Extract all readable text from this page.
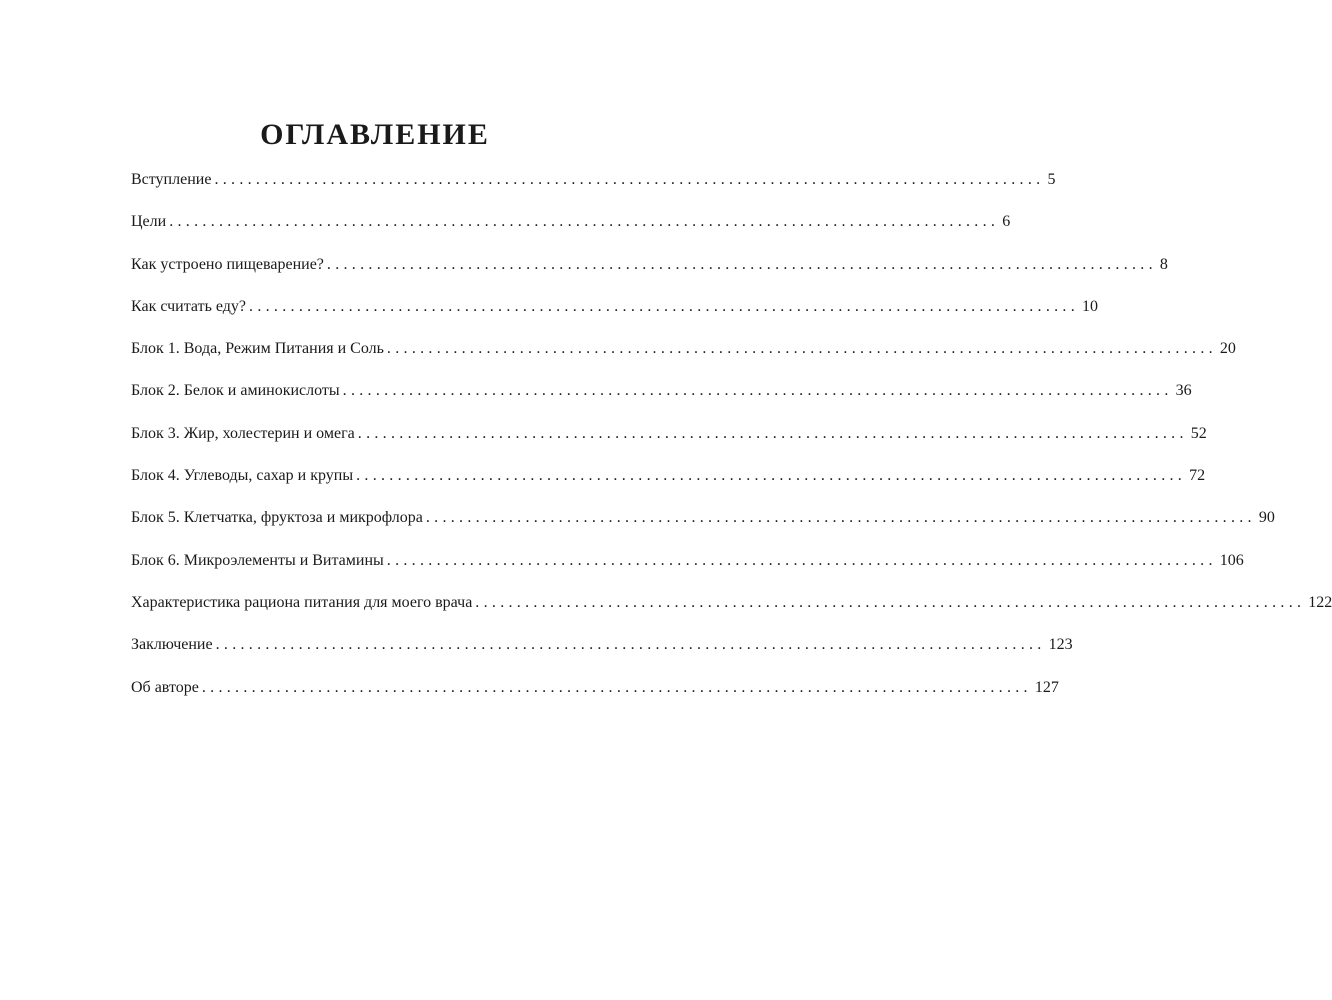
ОГЛАВЛЕНИЕ
Вступление .................................................................................................... 5
Цели .................................................................................................... 6
Как устроено пищеварение? .................................................................................................... 8
Как считать еду? .................................................................................................... 10
Блок 1. Вода, Режим Питания и Соль .................................................................................................... 20
Блок 2. Белок и аминокислоты .................................................................................................... 36
Блок 3. Жир, холестерин и омега .................................................................................................... 52
Блок 4. Углеводы, сахар и крупы .................................................................................................... 72
Блок 5. Клетчатка, фруктоза и микрофлора .................................................................................................... 90
Блок 6. Микроэлементы и Витамины .................................................................................................... 106
Характеристика рациона питания для моего врача .................................................................................................... 122
Заключение .................................................................................................... 123
Об авторе .................................................................................................... 127
